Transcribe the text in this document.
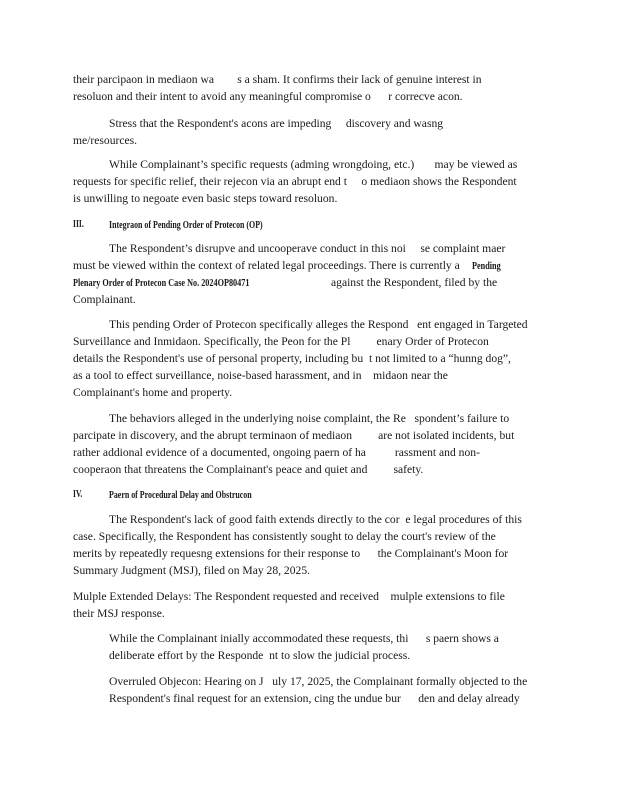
their parcipaon in mediaon wa        s a sham. It confirms their lack of genuine interest in
resoluon and their intent to avoid any meaningful compromise o      r correcve acon.
Stress that the Respondent's acons are impeding     discovery and wasng
me/resources.
While Complainant’s specific requests (adming wrongdoing, etc.)       may be viewed as
requests for specific relief, their rejecon via an abrupt end t     o mediaon shows the Respondent
is unwilling to negoate even basic steps toward resoluon.
III. Integraon of Pending Order of Protecon (OP)
The Respondent’s disrupve and uncooperave conduct in this noi     se complaint maer
must be viewed within the context of related legal proceedings. There is currently a Pending
Plenary Order of Protecon Case No. 2024OP80471	against the Respondent, filed by the
Complainant.
This pending Order of Protecon specifically alleges the Respond   ent engaged in Targeted
Surveillance and Inmidaon. Specifically, the Peon for the Pl         enary Order of Protecon
details the Respondent's use of personal property, including bu  t not limited to a “hunng dog”,
as a tool to effect surveillance, noise-based harassment, and in    midaon near the
Complainant's home and property.
The behaviors alleged in the underlying noise complaint, the Re   spondent’s failure to
parcipate in discovery, and the abrupt terminaon of mediaon         are not isolated incidents, but
rather addional evidence of a documented, ongoing paern of ha          rassment and non-
cooperaon that threatens the Complainant's peace and quiet and         safety.
IV. Paern of Procedural Delay and Obstrucon
The Respondent's lack of good faith extends directly to the cor  e legal procedures of this
case. Specifically, the Respondent has consistently sought to delay the court's review of the
merits by repeatedly requesng extensions for their response to      the Complainant's Moon for
Summary Judgment (MSJ), filed on May 28, 2025.
Mulple Extended Delays: The Respondent requested and received    mulple extensions to file
their MSJ response.
While the Complainant inially accommodated these requests, thi      s paern shows a
deliberate effort by the Responde  nt to slow the judicial process.
Overruled Objecon: Hearing on J   uly 17, 2025, the Complainant formally objected to the
Respondent's final request for an extension, cing the undue bur      den and delay already
